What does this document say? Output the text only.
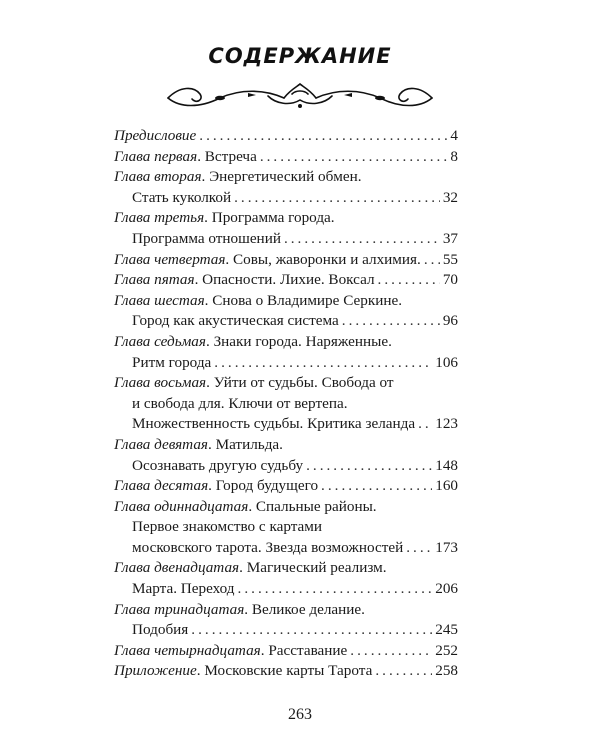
СОДЕРЖАНИЕ
Предисловие .....	4
Глава первая. Встреча .....	8
Глава вторая. Энергетический обмен.
Стать куколкой .....	32
Глава третья. Программа города.
Программа отношений .....	37
Глава четвертая. Совы, жаворонки и алхимия. ..... 55
Глава пятая. Опасности. Лихие. Воксал .....	70
Глава шестая. Снова о Владимире Серкине.
Город как акустическая система .....	96
Глава седьмая. Знаки города. Наряженные.
Ритм города .....	106
Глава восьмая. Уйти от судьбы. Свобода от
и свобода для. Ключи от вертепа.
Множественность судьбы. Критика зеланда ..... 123
Глава девятая. Матильда.
Осознавать другую судьбу .....	148
Глава десятая. Город будущего .....	160
Глава одиннадцатая. Спальные районы.
Первое знакомство с картами
московского тарота. Звезда возможностей ..... 173
Глава двенадцатая. Магический реализм.
Марта. Переход .....	206
Глава тринадцатая. Великое делание.
Подобия .....	245
Глава четырнадцатая. Расставание .....	252
Приложение. Московские карты Тарота .....	258
263
